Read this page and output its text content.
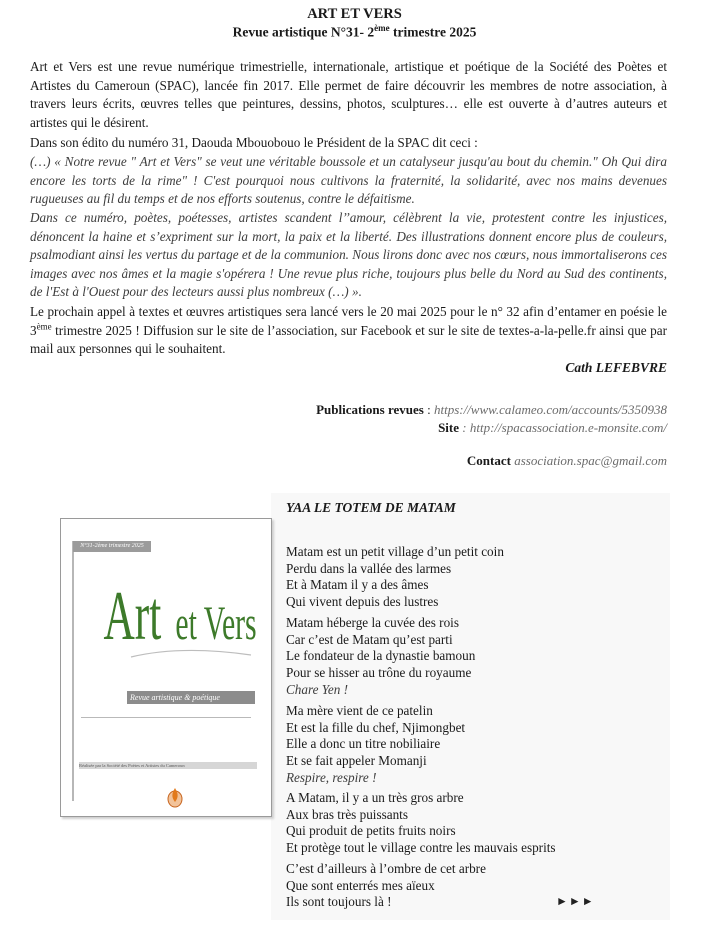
ART ET VERS
Revue artistique N°31- 2ème trimestre 2025
Art et Vers est une revue numérique trimestrielle, internationale, artistique et poétique de la Société des Poètes et Artistes du Cameroun (SPAC), lancée fin 2017. Elle permet de faire découvrir les membres de notre association, à travers leurs écrits, œuvres telles que peintures, dessins, photos, sculptures… elle est ouverte à d’autres auteurs et artistes qui le désirent.
Dans son édito du numéro 31, Daouda Mbouobouo le Président de la SPAC dit ceci :
(…) « Notre revue " Art et Vers" se veut une véritable boussole et un catalyseur jusqu'au bout du chemin." Oh Qui dira encore les torts de la rime" ! C'est pourquoi nous cultivons la fraternité, la solidarité, avec nos mains devenues rugueuses au fil du temps et de nos efforts soutenus, contre le défaitisme.
Dans ce numéro, poètes, poétesses, artistes scandent l’’amour, célèbrent la vie, protestent contre les injustices, dénoncent la haine et s’expriment sur la mort, la paix et la liberté. Des illustrations donnent encore plus de couleurs, psalmodiant ainsi les vertus du partage et de la communion. Nous lirons donc avec nos cœurs, nous immortaliserons ces images avec nos âmes et la magie s'opérera ! Une revue plus riche, toujours plus belle du Nord au Sud des continents, de l'Est à l'Ouest pour des lecteurs aussi plus nombreux (…) ».
Le prochain appel à textes et œuvres artistiques sera lancé vers le 20 mai 2025 pour le n° 32 afin d’entamer en poésie le 3ème trimestre 2025 ! Diffusion sur le site de l’association, sur Facebook et sur le site de textes-a-la-pelle.fr ainsi que par mail aux personnes qui le souhaitent.
Cath LEFEBVRE
Publications revues : https://www.calameo.com/accounts/5350938
Site : http://spacassociation.e-monsite.com/
Contact association.spac@gmail.com
YAA LE TOTEM DE MATAM
Matam est un petit village d’un petit coin
Perdu dans la vallée des larmes
Et à Matam il y a des âmes
Qui vivent depuis des lustres
Matam héberge la cuvée des rois
Car c’est de Matam qu’est parti
Le fondateur de la dynastie bamoun
Pour se hisser au trône du royaume
Chare Yen !
Ma mère vient de ce patelin
Et est la fille du chef, Njimongbet
Elle a donc un titre nobiliaire
Et se fait appeler Momanji
Respire, respire !
A Matam, il y a un très gros arbre
Aux bras très puissants
Qui produit de petits fruits noirs
Et protège tout le village contre les mauvais esprits
C’est d’ailleurs à l’ombre de cet arbre
Que sont enterrés mes aïeux
Ils sont toujours là !	►►►
N°31-2ème trimestre 2025
Art et Vers
Revue artistique & poétique
Réalisée par la Société des Poètes et Artistes du Cameroun
